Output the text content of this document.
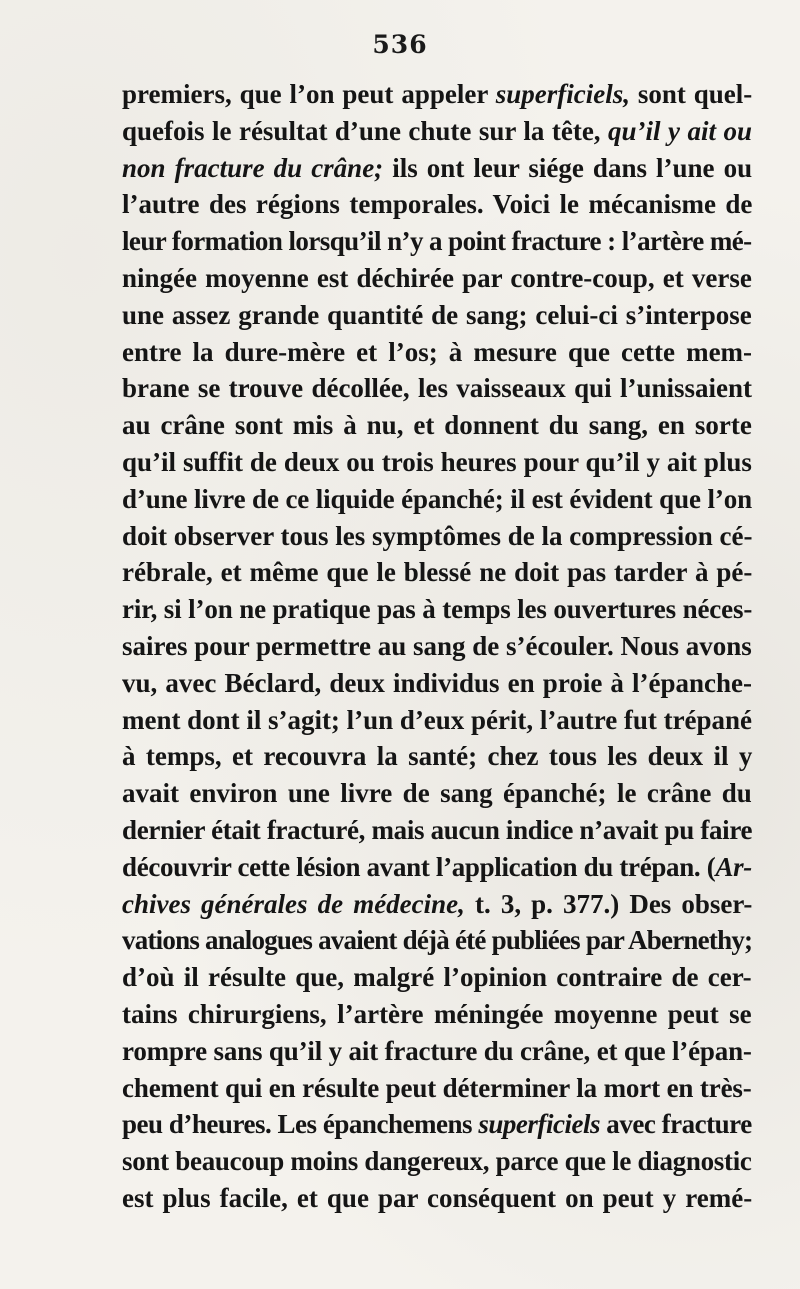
536
premiers, que l’on peut appeler superficiels, sont quel-
quefois le résultat d’une chute sur la tête, qu’il y ait ou
non fracture du crâne; ils ont leur siége dans l’une ou
l’autre des régions temporales. Voici le mécanisme de
leur formation lorsqu’il n’y a point fracture : l’artère mé-
ningée moyenne est déchirée par contre-coup, et verse
une assez grande quantité de sang; celui-ci s’interpose
entre la dure-mère et l’os; à mesure que cette mem-
brane se trouve décollée, les vaisseaux qui l’unissaient
au crâne sont mis à nu, et donnent du sang, en sorte
qu’il suffit de deux ou trois heures pour qu’il y ait plus
d’une livre de ce liquide épanché; il est évident que l’on
doit observer tous les symptômes de la compression cé-
rébrale, et même que le blessé ne doit pas tarder à pé-
rir, si l’on ne pratique pas à temps les ouvertures néces-
saires pour permettre au sang de s’écouler. Nous avons
vu, avec Béclard, deux individus en proie à l’épanche-
ment dont il s’agit; l’un d’eux périt, l’autre fut trépané
à temps, et recouvra la santé; chez tous les deux il y
avait environ une livre de sang épanché; le crâne du
dernier était fracturé, mais aucun indice n’avait pu faire
découvrir cette lésion avant l’application du trépan. (Ar-
chives générales de médecine, t. 3, p. 377.) Des obser-
vations analogues avaient déjà été publiées par Abernethy;
d’où il résulte que, malgré l’opinion contraire de cer-
tains chirurgiens, l’artère méningée moyenne peut se
rompre sans qu’il y ait fracture du crâne, et que l’épan-
chement qui en résulte peut déterminer la mort en très-
peu d’heures. Les épanchemens superficiels avec fracture
sont beaucoup moins dangereux, parce que le diagnostic
est plus facile, et que par conséquent on peut y remé-
